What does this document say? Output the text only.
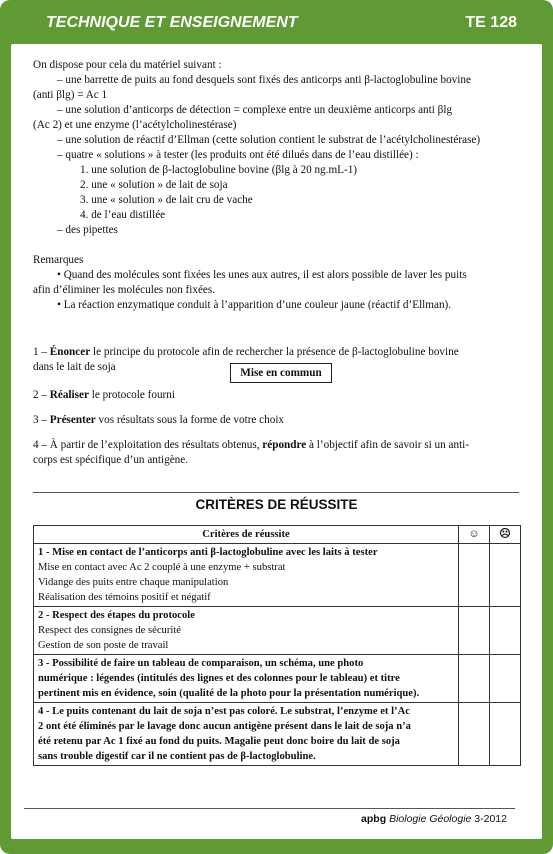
TECHNIQUE ET ENSEIGNEMENT	TE 128
On dispose pour cela du matériel suivant :
– une barrette de puits au fond desquels sont fixés des anticorps anti β-lactoglobuline bovine
(anti βlg) = Ac 1
– une solution d’anticorps de détection = complexe entre un deuxième anticorps anti βlg
(Ac 2) et une enzyme (l’acétylcholinestérase)
– une solution de réactif d’Ellman (cette solution contient le substrat de l’acétylcholinestérase)
– quatre « solutions » à tester (les produits ont été dilués dans de l’eau distillée) :
1. une solution de β-lactoglobuline bovine (βlg à 20 ng.mL-1)
2. une « solution » de lait de soja
3. une « solution » de lait cru de vache
4. de l’eau distillée
– des pipettes
Remarques
• Quand des molécules sont fixées les unes aux autres, il est alors possible de laver les puits
afin d’éliminer les molécules non fixées.
• La réaction enzymatique conduit à l’apparition d’une couleur jaune (réactif d’Ellman).
1 – Énoncer le principe du protocole afin de rechercher la présence de β-lactoglobuline bovine
dans le lait de soja	Mise en commun
2 – Réaliser le protocole fourni
3 – Présenter vos résultats sous la forme de votre choix
4 – À partir de l’exploitation des résultats obtenus, répondre à l’objectif afin de savoir si un anti-
corps est spécifique d’un antigène.
CRITÈRES DE RÉUSSITE
Critères de réussite	☺	☹

1 - Mise en contact de l’anticorps anti β-lactoglobuline avec les laits à tester
Mise en contact avec Ac 2 couplé à une enzyme + substrat
Vidange des puits entre chaque manipulation
Réalisation des témoins positif et négatif		

2 - Respect des étapes du protocole
Respect des consignes de sécurité
Gestion de son poste de travail		

3 - Possibilité de faire un tableau de comparaison, un schéma, une photo
numérique : légendes (intitulés des lignes et des colonnes pour le tableau) et titre
pertinent mis en évidence, soin (qualité de la photo pour la présentation numérique).		

4 - Le puits contenant du lait de soja n’est pas coloré. Le substrat, l’enzyme et l’Ac
2 ont été éliminés par le lavage donc aucun antigène présent dans le lait de soja n’a
été retenu par Ac 1 fixé au fond du puits. Magalie peut donc boire du lait de soja
sans trouble digestif car il ne contient pas de β-lactoglobuline.		

apbg Biologie Géologie 3-2012
